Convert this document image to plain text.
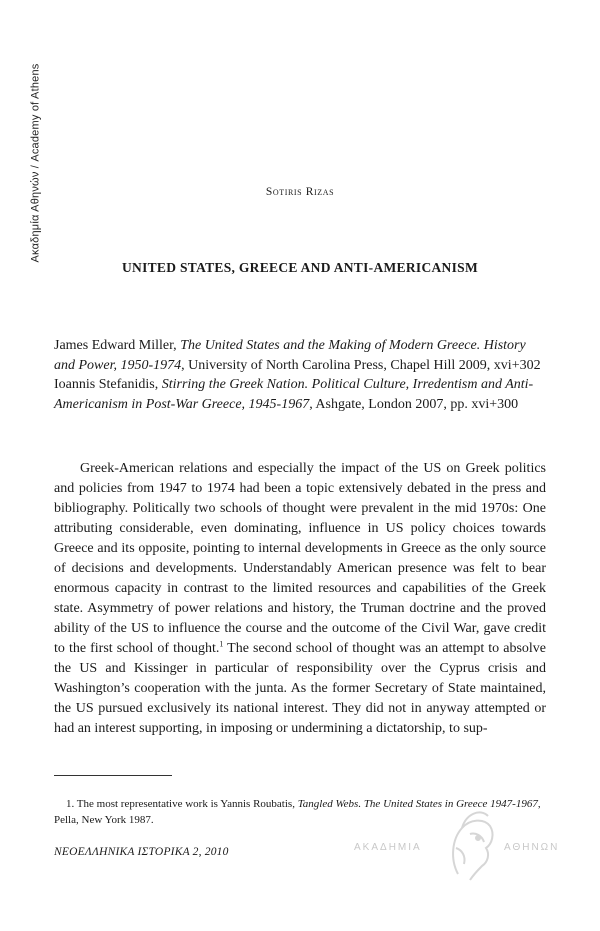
Ακαδημία Αθηνών / Academy of Athens	Sotiris Rizas
UNITED STATES, GREECE AND ANTI-AMERICANISM

James Edward Miller, The United States and the Making of Modern Greece. History and Power, 1950-1974, University of North Carolina Press, Chapel Hill 2009, xvi+302

Ioannis Stefanidis, Stirring the Greek Nation. Political Culture, Irredentism and Anti-Americanism in Post-War Greece, 1945-1967, Ashgate, London 2007, pp. xvi+300

Greek-American relations and especially the impact of the US on Greek politics and policies from 1947 to 1974 had been a topic extensively debated in the press and bibliography. Politically two schools of thought were prevalent in the mid 1970s: One attributing considerable, even dominating, influence in US policy choices towards Greece and its opposite, pointing to internal developments in Greece as the only source of decisions and developments. Understandably American presence was felt to bear enormous capacity in contrast to the limited resources and capabilities of the Greek state. Asymmetry of power relations and history, the Truman doctrine and the proved ability of the US to influence the course and the outcome of the Civil War, gave credit to the first school of thought.$^1$ The second school of thought was an attempt to absolve the US and Kissinger in particular of responsibility over the Cyprus crisis and Washington’s cooperation with the junta. As the former Secretary of State maintained, the US pursued exclusively its national interest. They did not in anyway attempted or had an interest supporting, in imposing or undermining a dictatorship, to sup-

1. The most representative work is Yannis Roubatis, Tangled Webs. The United States in Greece 1947-1967, Pella, New York 1987.

ΝΕΟΕΛΛΗΝΙΚΑ ΙΣΤΟΡΙΚΑ 2, 2010	ΑΚΑΔΗΜΙΑ	ΑΘΗΝΩΝ
